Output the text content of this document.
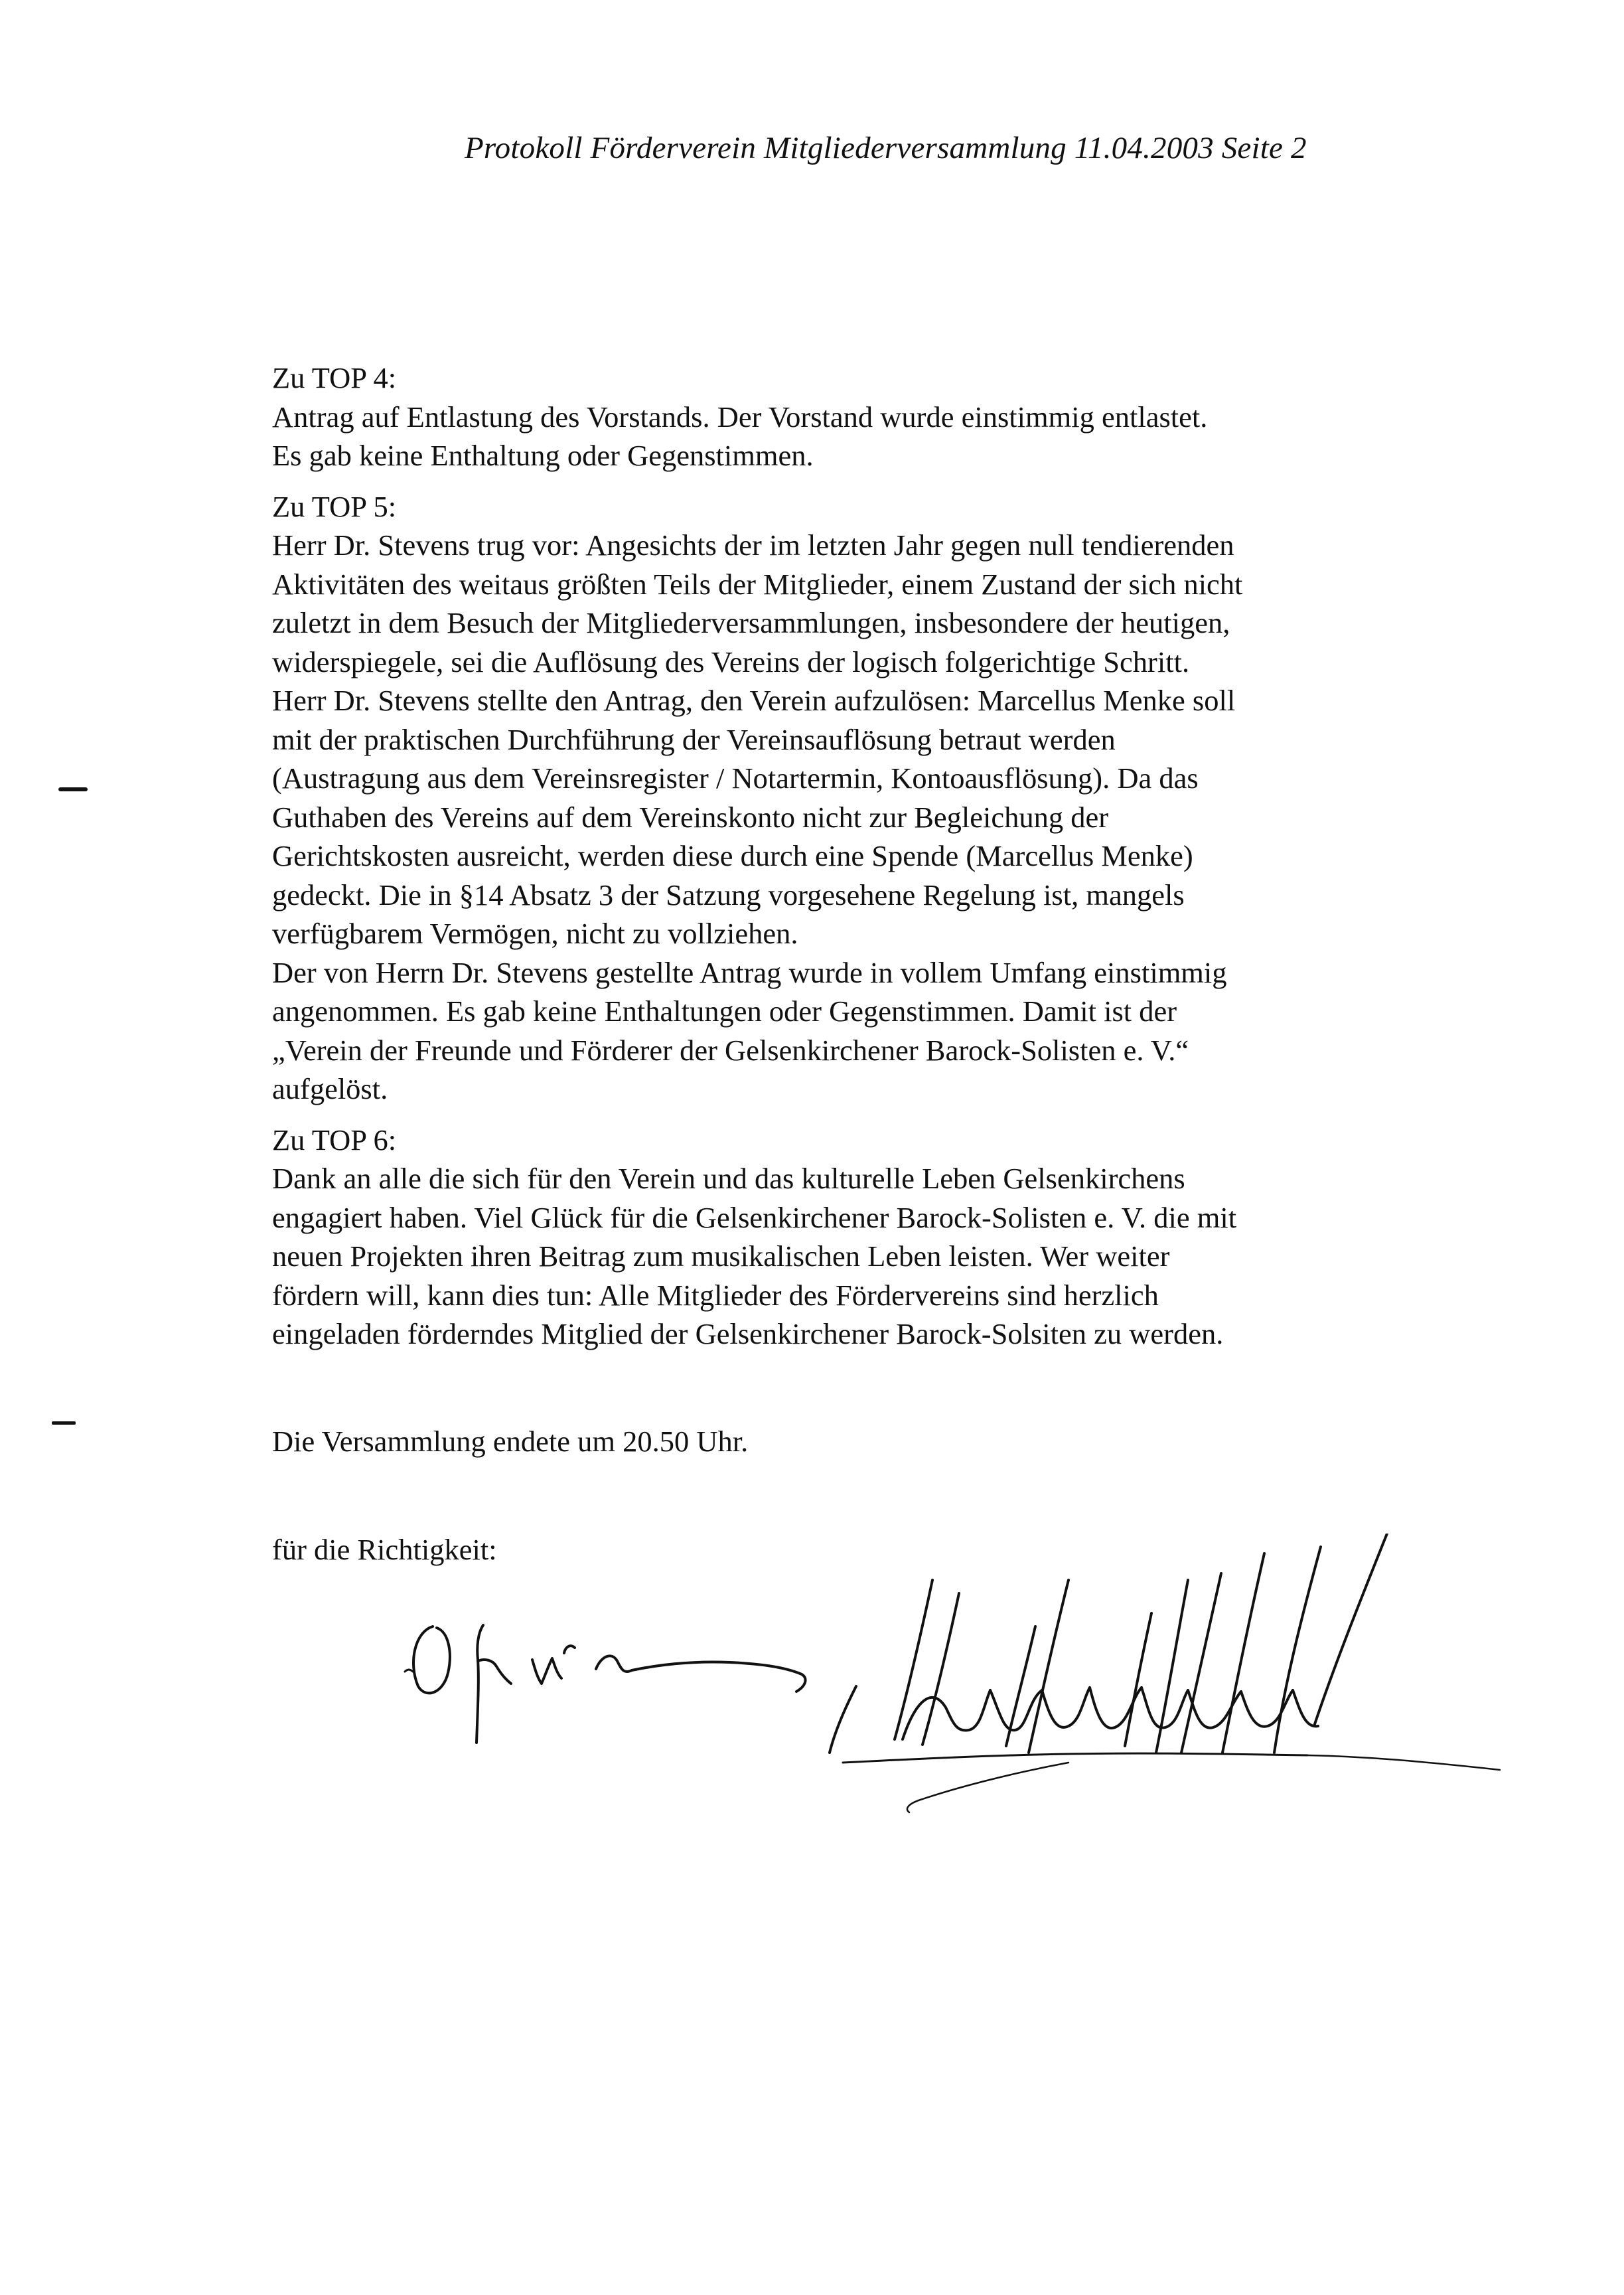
Protokoll Förderverein Mitgliederversammlung 11.04.2003 Seite 2
Zu TOP 4:
Antrag auf Entlastung des Vorstands. Der Vorstand wurde einstimmig entlastet.
Es gab keine Enthaltung oder Gegenstimmen.
Zu TOP 5:
Herr Dr. Stevens trug vor: Angesichts der im letzten Jahr gegen null tendierenden
Aktivitäten des weitaus größten Teils der Mitglieder, einem Zustand der sich nicht
zuletzt in dem Besuch der Mitgliederversammlungen, insbesondere der heutigen,
widerspiegele, sei die Auflösung des Vereins der logisch folgerichtige Schritt.
Herr Dr. Stevens stellte den Antrag, den Verein aufzulösen: Marcellus Menke soll
mit der praktischen Durchführung der Vereinsauflösung betraut werden
(Austragung aus dem Vereinsregister / Notartermin, Kontoausflösung). Da das
Guthaben des Vereins auf dem Vereinskonto nicht zur Begleichung der
Gerichtskosten ausreicht, werden diese durch eine Spende (Marcellus Menke)
gedeckt. Die in §14 Absatz 3 der Satzung vorgesehene Regelung ist, mangels
verfügbarem Vermögen, nicht zu vollziehen.
Der von Herrn Dr. Stevens gestellte Antrag wurde in vollem Umfang einstimmig
angenommen. Es gab keine Enthaltungen oder Gegenstimmen. Damit ist der
„Verein der Freunde und Förderer der Gelsenkirchener Barock-Solisten e. V.“
aufgelöst.
Zu TOP 6:
Dank an alle die sich für den Verein und das kulturelle Leben Gelsenkirchens
engagiert haben. Viel Glück für die Gelsenkirchener Barock-Solisten e. V. die mit
neuen Projekten ihren Beitrag zum musikalischen Leben leisten. Wer weiter
fördern will, kann dies tun: Alle Mitglieder des Fördervereins sind herzlich
eingeladen förderndes Mitglied der Gelsenkirchener Barock-Solsiten zu werden.
Die Versammlung endete um 20.50 Uhr.
für die Richtigkeit:
